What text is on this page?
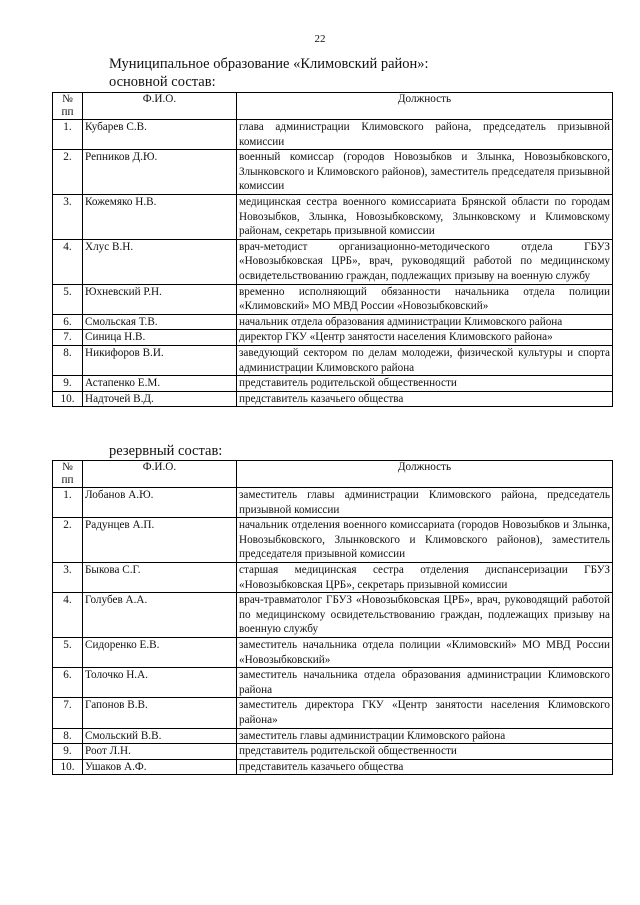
22
Муниципальное образование «Климовский район»:
основной состав:
№ пп	Ф.И.О.	Должность
1.	Кубарев С.В.	глава администрации Климовского района, председатель призывной комиссии
2.	Репников Д.Ю.	военный комиссар (городов Новозыбков и Злынка, Новозыбковского, Злынковского и Климовского районов), заместитель председателя призывной комиссии
3.	Кожемяко Н.В.	медицинская сестра военного комиссариата Брянской области по городам Новозыбков, Злынка, Новозыбковскому, Злынковскому и Климовскому районам, секретарь призывной комиссии
4.	Хлус В.Н.	врач-методист организационно-методического отдела ГБУЗ «Новозыбковская ЦРБ», врач, руководящий работой по медицинскому освидетельствованию граждан, подлежащих призыву на военную службу
5.	Юхневский Р.Н.	временно исполняющий обязанности начальника отдела полиции «Климовский» МО МВД России «Новозыбковский»
6.	Смольская Т.В.	начальник отдела образования администрации Климовского района
7.	Синица Н.В.	директор ГКУ «Центр занятости населения Климовского района»
8.	Никифоров В.И.	заведующий сектором по делам молодежи, физической культуры и спорта администрации Климовского района
9.	Астапенко Е.М.	представитель родительской общественности
10.	Надточей В.Д.	представитель казачьего общества
резервный состав:
№ пп	Ф.И.О.	Должность
1.	Лобанов А.Ю.	заместитель главы администрации Климовского района, председатель призывной комиссии
2.	Радунцев А.П.	начальник отделения военного комиссариата (городов Новозыбков и Злынка, Новозыбковского, Злынковского и Климовского районов), заместитель председателя призывной комиссии
3.	Быкова С.Г.	старшая медицинская сестра отделения диспансеризации ГБУЗ «Новозыбковская ЦРБ», секретарь призывной комиссии
4.	Голубев А.А.	врач-травматолог ГБУЗ «Новозыбковская ЦРБ», врач, руководящий работой по медицинскому освидетельствованию граждан, подлежащих призыву на военную службу
5.	Сидоренко Е.В.	заместитель начальника отдела полиции «Климовский» МО МВД России «Новозыбковский»
6.	Толочко Н.А.	заместитель начальника отдела образования администрации Климовского района
7.	Гапонов В.В.	заместитель директора ГКУ «Центр занятости населения Климовского района»
8.	Смольский В.В.	заместитель главы администрации Климовского района
9.	Роот Л.Н.	представитель родительской общественности
10.	Ушаков А.Ф.	представитель казачьего общества
